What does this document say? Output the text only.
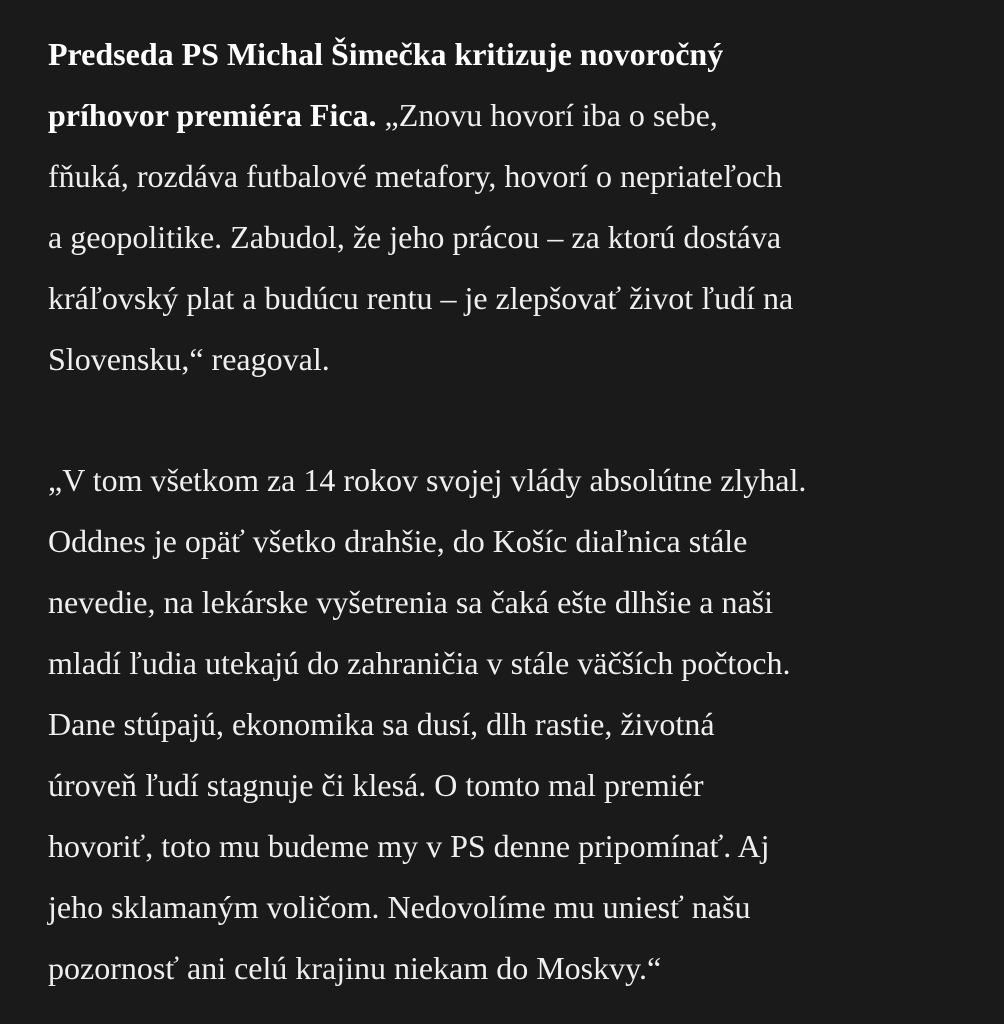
Predseda PS Michal Šimečka kritizuje novoročný
príhovor premiéra Fica. „Znovu hovorí iba o sebe,
fňuká, rozdáva futbalové metafory, hovorí o nepriateľoch
a geopolitike. Zabudol, že jeho prácou – za ktorú dostáva
kráľovský plat a budúcu rentu – je zlepšovať život ľudí na
Slovensku,“ reagoval.

„V tom všetkom za 14 rokov svojej vlády absolútne zlyhal.
Oddnes je opäť všetko drahšie, do Košíc diaľnica stále
nevedie, na lekárske vyšetrenia sa čaká ešte dlhšie a naši
mladí ľudia utekajú do zahraničia v stále väčších počtoch.
Dane stúpajú, ekonomika sa dusí, dlh rastie, životná
úroveň ľudí stagnuje či klesá. O tomto mal premiér
hovoriť, toto mu budeme my v PS denne pripomínať. Aj
jeho sklamaným voličom. Nedovolíme mu uniesť našu
pozornosť ani celú krajinu niekam do Moskvy.“
